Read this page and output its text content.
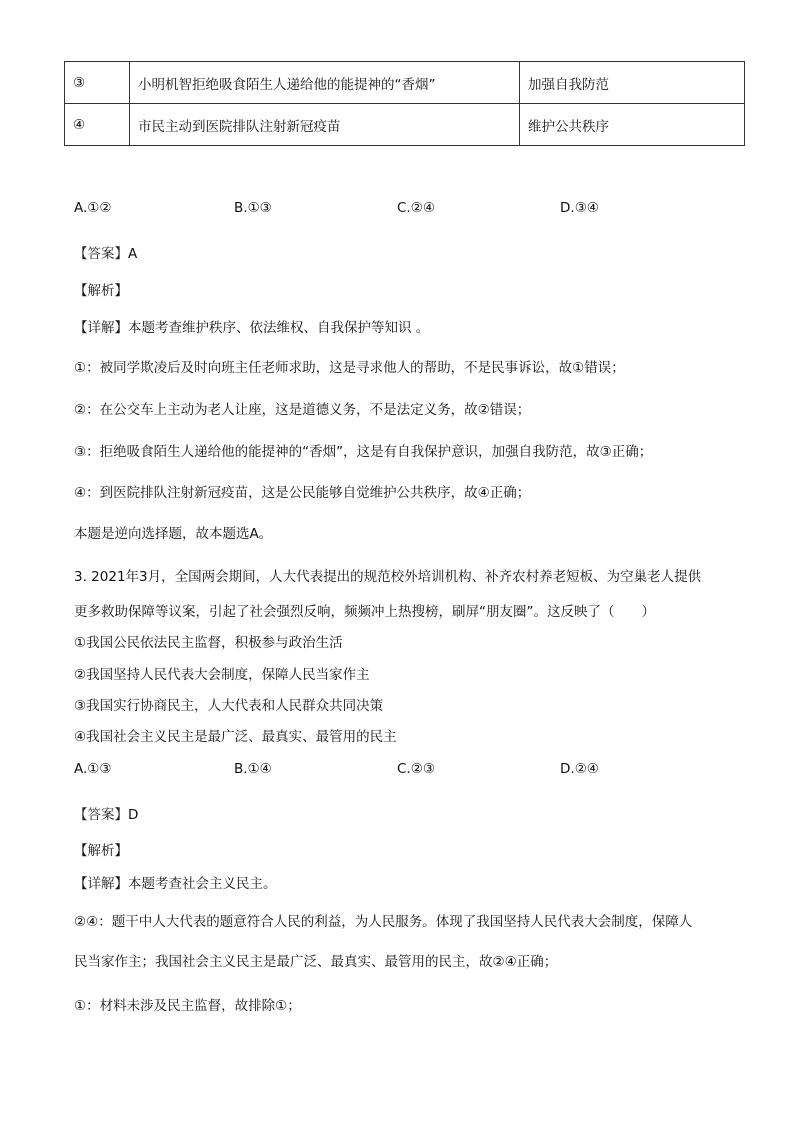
③	小明机智拒绝吸食陌生人递给他的能提神的“香烟”	加强自我防范
④	市民主动到医院排队注射新冠疫苗	维护公共秩序
A.①②	B.①③	C.②④	D.③④
【答案】A
【解析】
【详解】本题考查维护秩序、依法维权、自我保护等知识 。
①：被同学欺凌后及时向班主任老师求助，这是寻求他人的帮助，不是民事诉讼，故①错误；
②：在公交车上主动为老人让座，这是道德义务，不是法定义务，故②错误；
③：拒绝吸食陌生人递给他的能提神的“香烟”，这是有自我保护意识，加强自我防范，故③正确；
④：到医院排队注射新冠疫苗，这是公民能够自觉维护公共秩序，故④正确；
本题是逆向选择题，故本题选A。
3. 2021年3月，全国两会期间，人大代表提出的规范校外培训机构、补齐农村养老短板、为空巢老人提供
更多救助保障等议案，引起了社会强烈反响，频频冲上热搜榜，刷屏“朋友圈”。这反映了（　　）
①我国公民依法民主监督，积极参与政治生活
②我国坚持人民代表大会制度，保障人民当家作主
③我国实行协商民主，人大代表和人民群众共同决策
④我国社会主义民主是最广泛、最真实、最管用的民主
A.①③	B.①④	C.②③	D.②④
【答案】D
【解析】
【详解】本题考查社会主义民主。
②④：题干中人大代表的题意符合人民的利益，为人民服务。体现了我国坚持人民代表大会制度，保障人
民当家作主；我国社会主义民主是最广泛、最真实、最管用的民主，故②④正确；
①：材料未涉及民主监督，故排除①；
